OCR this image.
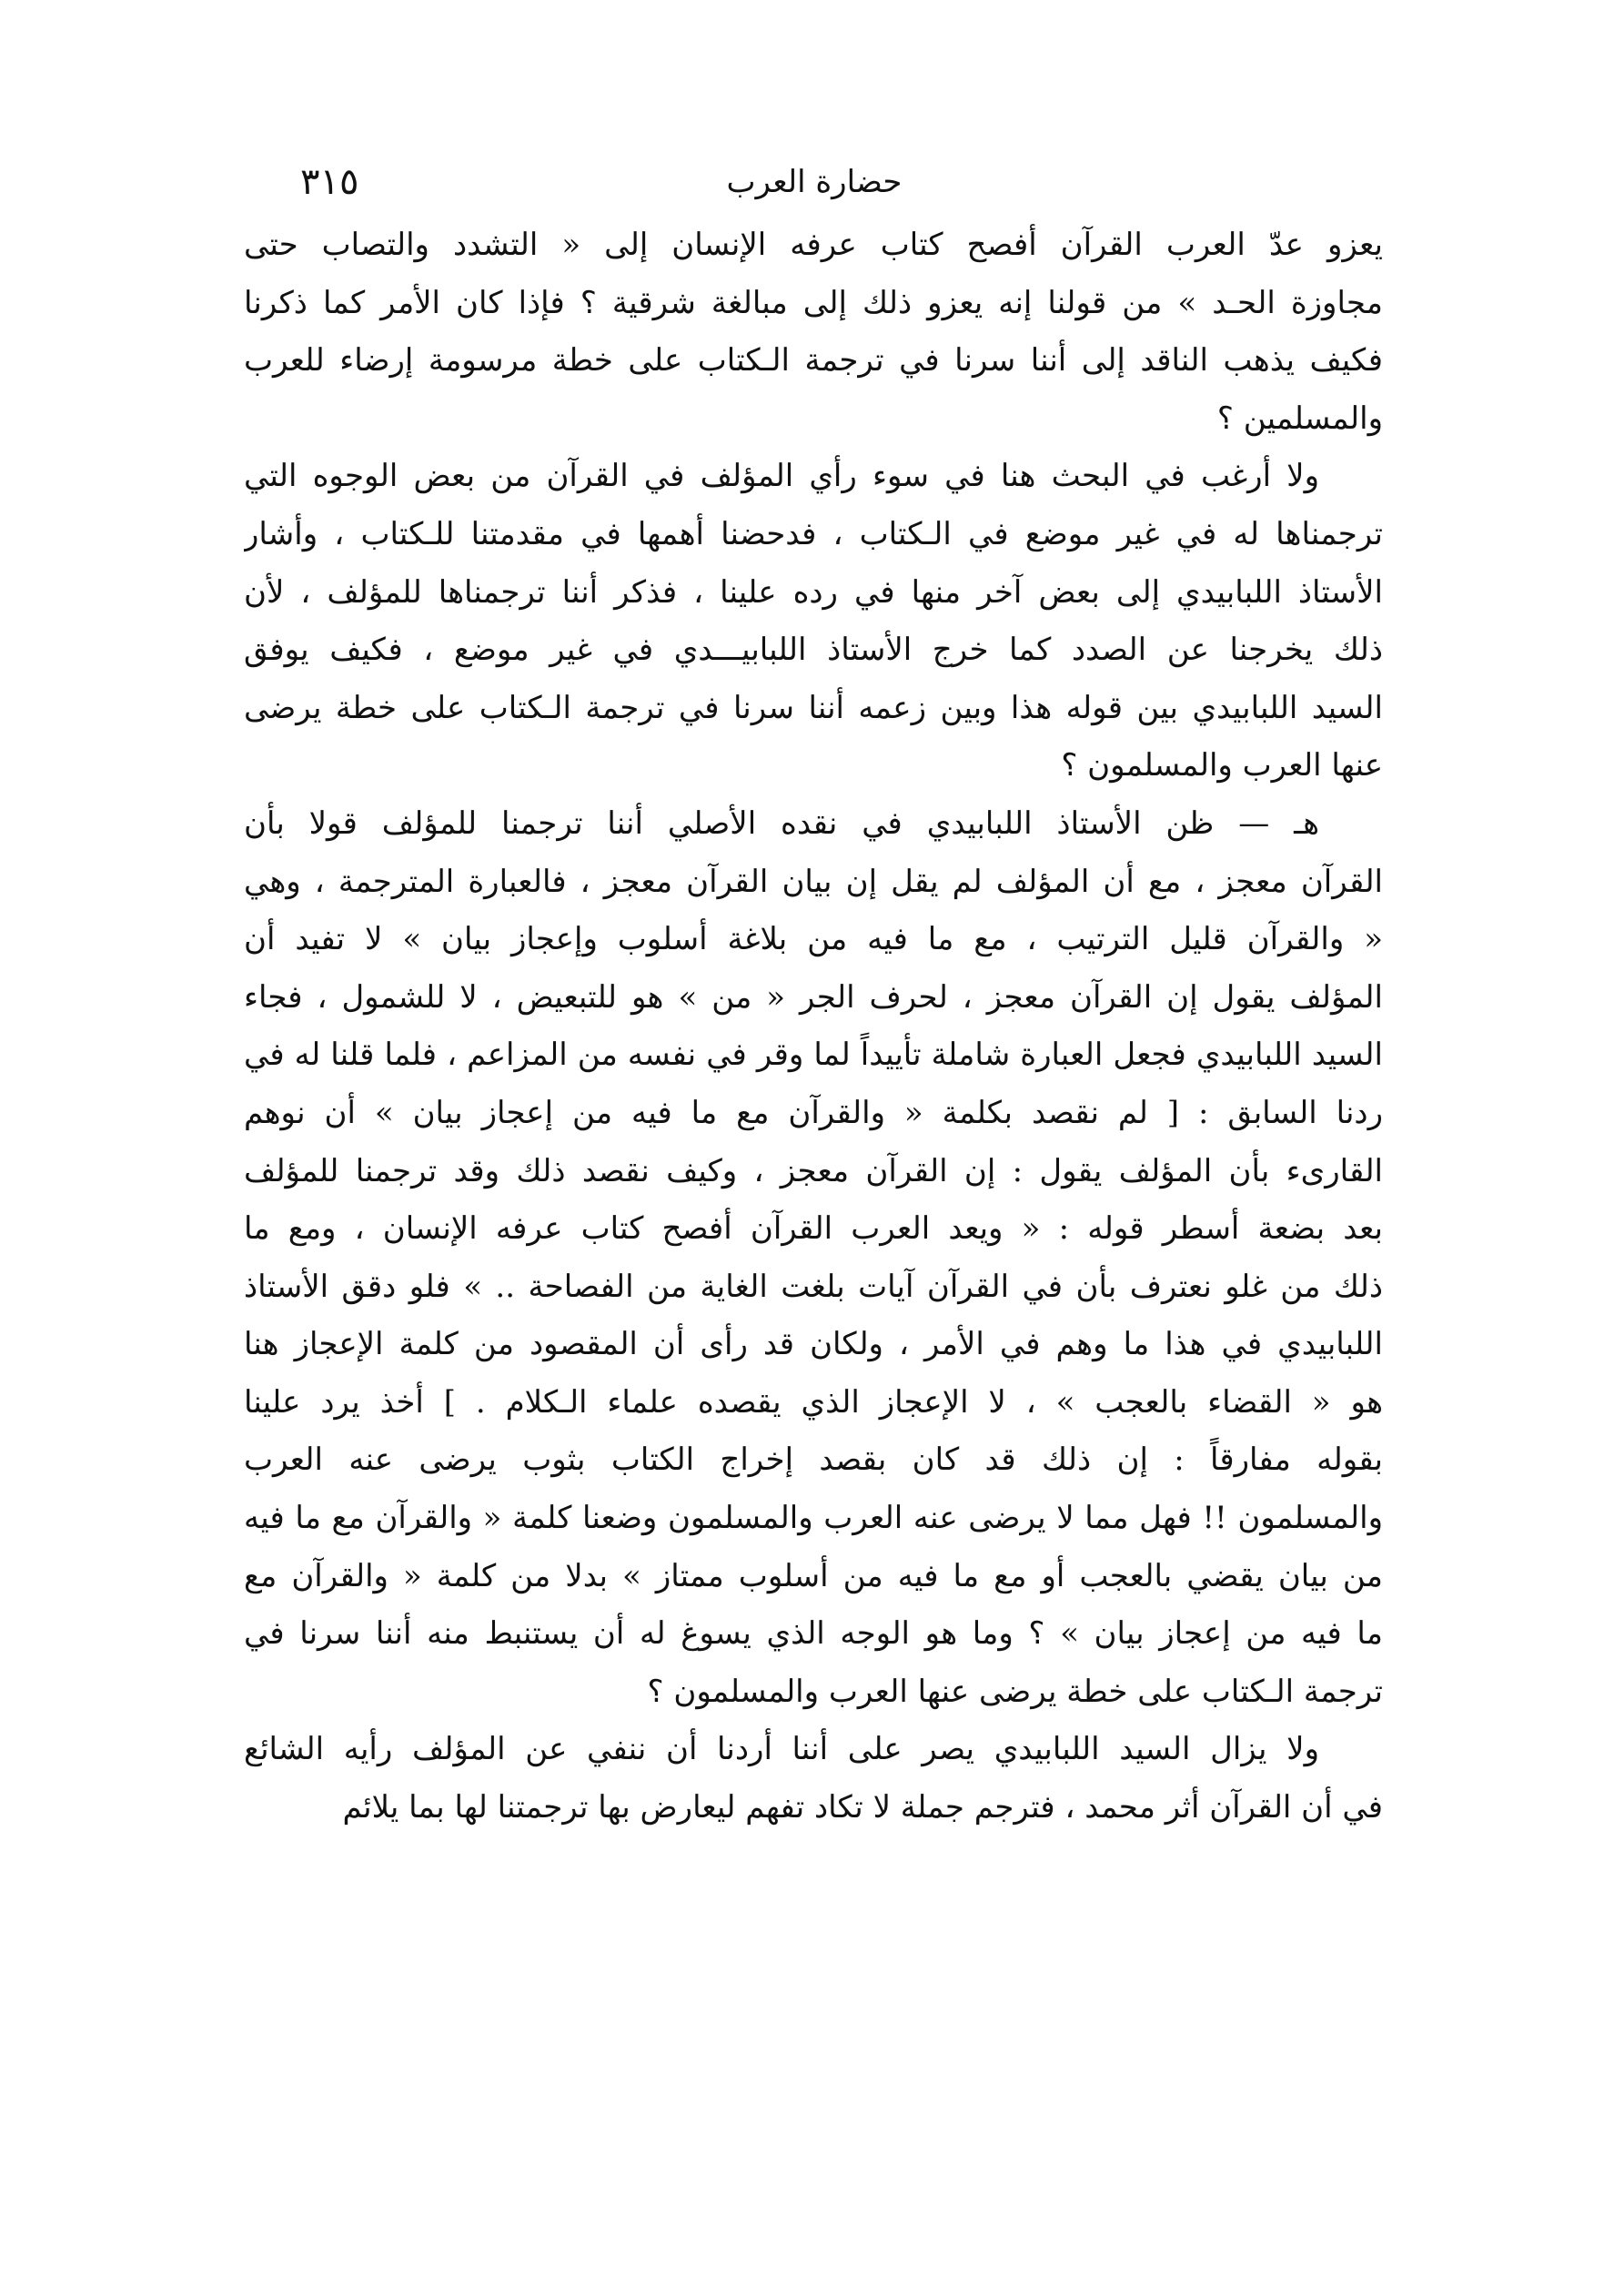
٣١٥	حضارة العرب
يعزو عدّ العرب القرآن أفصح كتاب عرفه الإنسان إلى « التشدد والتصاب حتى
مجاوزة الحـد » من قولنا إنه يعزو ذلك إلى مبالغة شرقية ؟ فإذا كان الأمر كما ذكرنا
فكيف يذهب الناقد إلى أننا سرنا في ترجمة الـكتاب على خطة مرسومة إرضاء للعرب
والمسلمين ؟
ولا أرغب في البحث هنا في سوء رأي المؤلف في القرآن من بعض الوجوه التي
ترجمناها له في غير موضع في الـكتاب ، فدحضنا أهمها في مقدمتنا للـكتاب ، وأشار
الأستاذ اللبابيدي إلى بعض آخر منها في رده علينا ، فذكر أننا ترجمناها للمؤلف ، لأن
ذلك يخرجنا عن الصدد كما خرج الأستاذ اللبابيـــدي في غير موضع ، فكيف يوفق
السيد اللبابيدي بين قوله هذا وبين زعمه أننا سرنا في ترجمة الـكتاب على خطة يرضى
عنها العرب والمسلمون ؟
هـ — ظن الأستاذ اللبابيدي في نقده الأصلي أننا ترجمنا للمؤلف قولا بأن
القرآن معجز ، مع أن المؤلف لم يقل إن بيان القرآن معجز ، فالعبارة المترجمة ، وهي
« والقرآن قليل الترتيب ، مع ما فيه من بلاغة أسلوب وإعجاز بيان » لا تفيد أن
المؤلف يقول إن القرآن معجز ، لحرف الجر « من » هو للتبعيض ، لا للشمول ، فجاء
السيد اللبابيدي فجعل العبارة شاملة تأييداً لما وقر في نفسه من المزاعم ، فلما قلنا له في
ردنا السابق : [ لم نقصد بكلمة « والقرآن مع ما فيه من إعجاز بيان » أن نوهم
القارىء بأن المؤلف يقول : إن القرآن معجز ، وكيف نقصد ذلك وقد ترجمنا للمؤلف
بعد بضعة أسطر قوله : « ويعد العرب القرآن أفصح كتاب عرفه الإنسان ، ومع ما
ذلك من غلو نعترف بأن في القرآن آيات بلغت الغاية من الفصاحة .. » فلو دقق الأستاذ
اللبابيدي في هذا ما وهم في الأمر ، ولكان قد رأى أن المقصود من كلمة الإعجاز هنا
هو « القضاء بالعجب » ، لا الإعجاز الذي يقصده علماء الـكلام . ] أخذ يرد علينا
بقوله مفارقاً : إن ذلك قد كان بقصد إخراج الكتاب بثوب يرضى عنه العرب
والمسلمون !! فهل مما لا يرضى عنه العرب والمسلمون وضعنا كلمة « والقرآن مع ما فيه
من بيان يقضي بالعجب أو مع ما فيه من أسلوب ممتاز » بدلا من كلمة « والقرآن مع
ما فيه من إعجاز بيان » ؟ وما هو الوجه الذي يسوغ له أن يستنبط منه أننا سرنا في
ترجمة الـكتاب على خطة يرضى عنها العرب والمسلمون ؟
ولا يزال السيد اللبابيدي يصر على أننا أردنا أن ننفي عن المؤلف رأيه الشائع
في أن القرآن أثر محمد ، فترجم جملة لا تكاد تفهم ليعارض بها ترجمتنا لها بما يلائم
